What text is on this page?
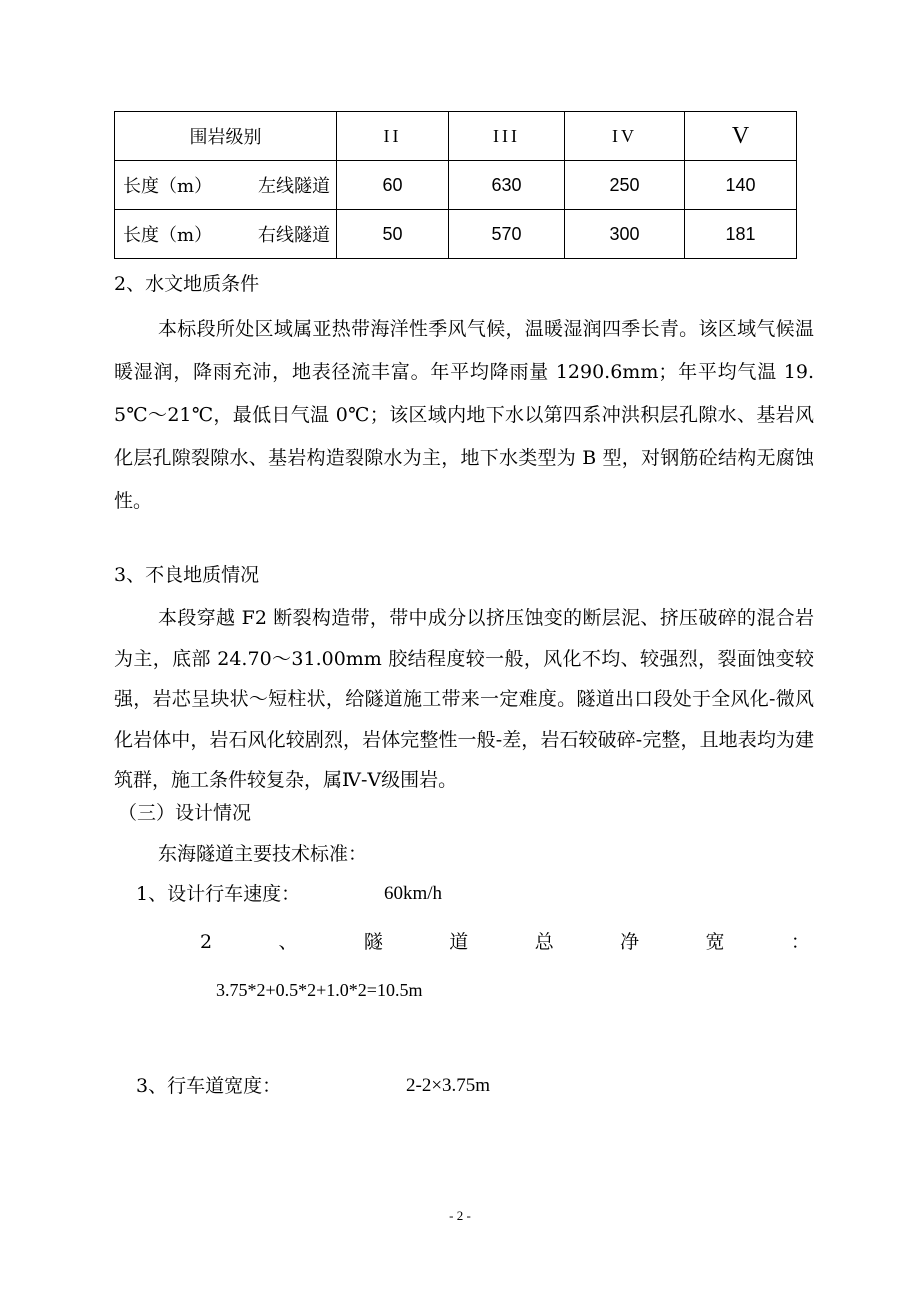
围岩级别	II	III	IV	V

长度（m） 左线隧道	60	630	250	140

长度（m） 右线隧道	50	570	300	181
2、水文地质条件

本标段所处区域属亚热带海洋性季风气候，温暖湿润四季长青。该区域气候温暖湿润，降雨充沛，地表径流丰富。年平均降雨量 1290.6mm；年平均气温 19. 5℃～21℃，最低日气温 0℃；该区域内地下水以第四系冲洪积层孔隙水、基岩风化层孔隙裂隙水、基岩构造裂隙水为主，地下水类型为 B 型，对钢筋砼结构无腐蚀性。

3、不良地质情况

本段穿越 F2 断裂构造带，带中成分以挤压蚀变的断层泥、挤压破碎的混合岩为主，底部 24.70～31.00mm 胶结程度较一般，风化不均、较强烈，裂面蚀变较强，岩芯呈块状～短柱状，给隧道施工带来一定难度。隧道出口段处于全风化-微风化岩体中，岩石风化较剧烈，岩体完整性一般-差，岩石较破碎-完整，且地表均为建筑群，施工条件较复杂，属Ⅳ-Ⅴ级围岩。

（三）设计情况
东海隧道主要技术标准：
1、设计行车速度：	60km/h
2	、	隧	道	总	净	宽	：
3.75*2+0.5*2+1.0*2=10.5m
3、行车道宽度：	2-2×3.75m
- 2 -
